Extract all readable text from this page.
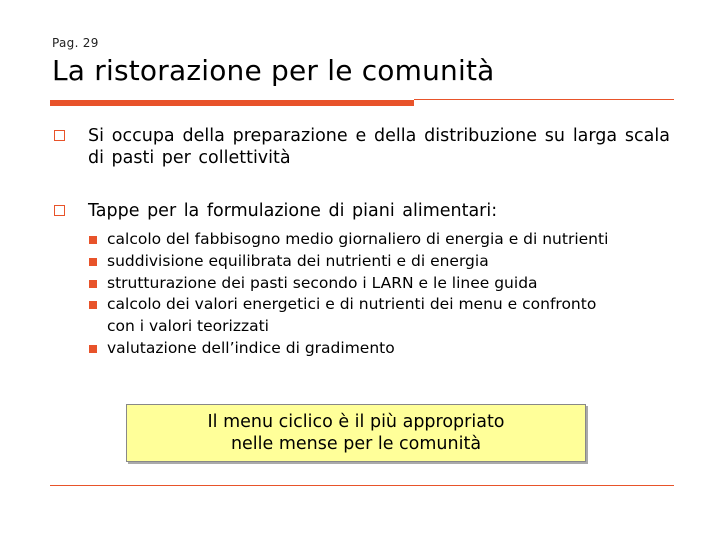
Pag. 29
La ristorazione per le comunità
Si occupa della preparazione e della distribuzione su larga scala di pasti per collettività
Tappe per la formulazione di piani alimentari:
calcolo del fabbisogno medio giornaliero di energia e di nutrienti
suddivisione equilibrata dei nutrienti e di energia
strutturazione dei pasti secondo i LARN e le linee guida
calcolo dei valori energetici e di nutrienti dei menu e confronto con i valori teorizzati
valutazione dell’indice di gradimento
Il menu ciclico è il più appropriato
nelle mense per le comunità
